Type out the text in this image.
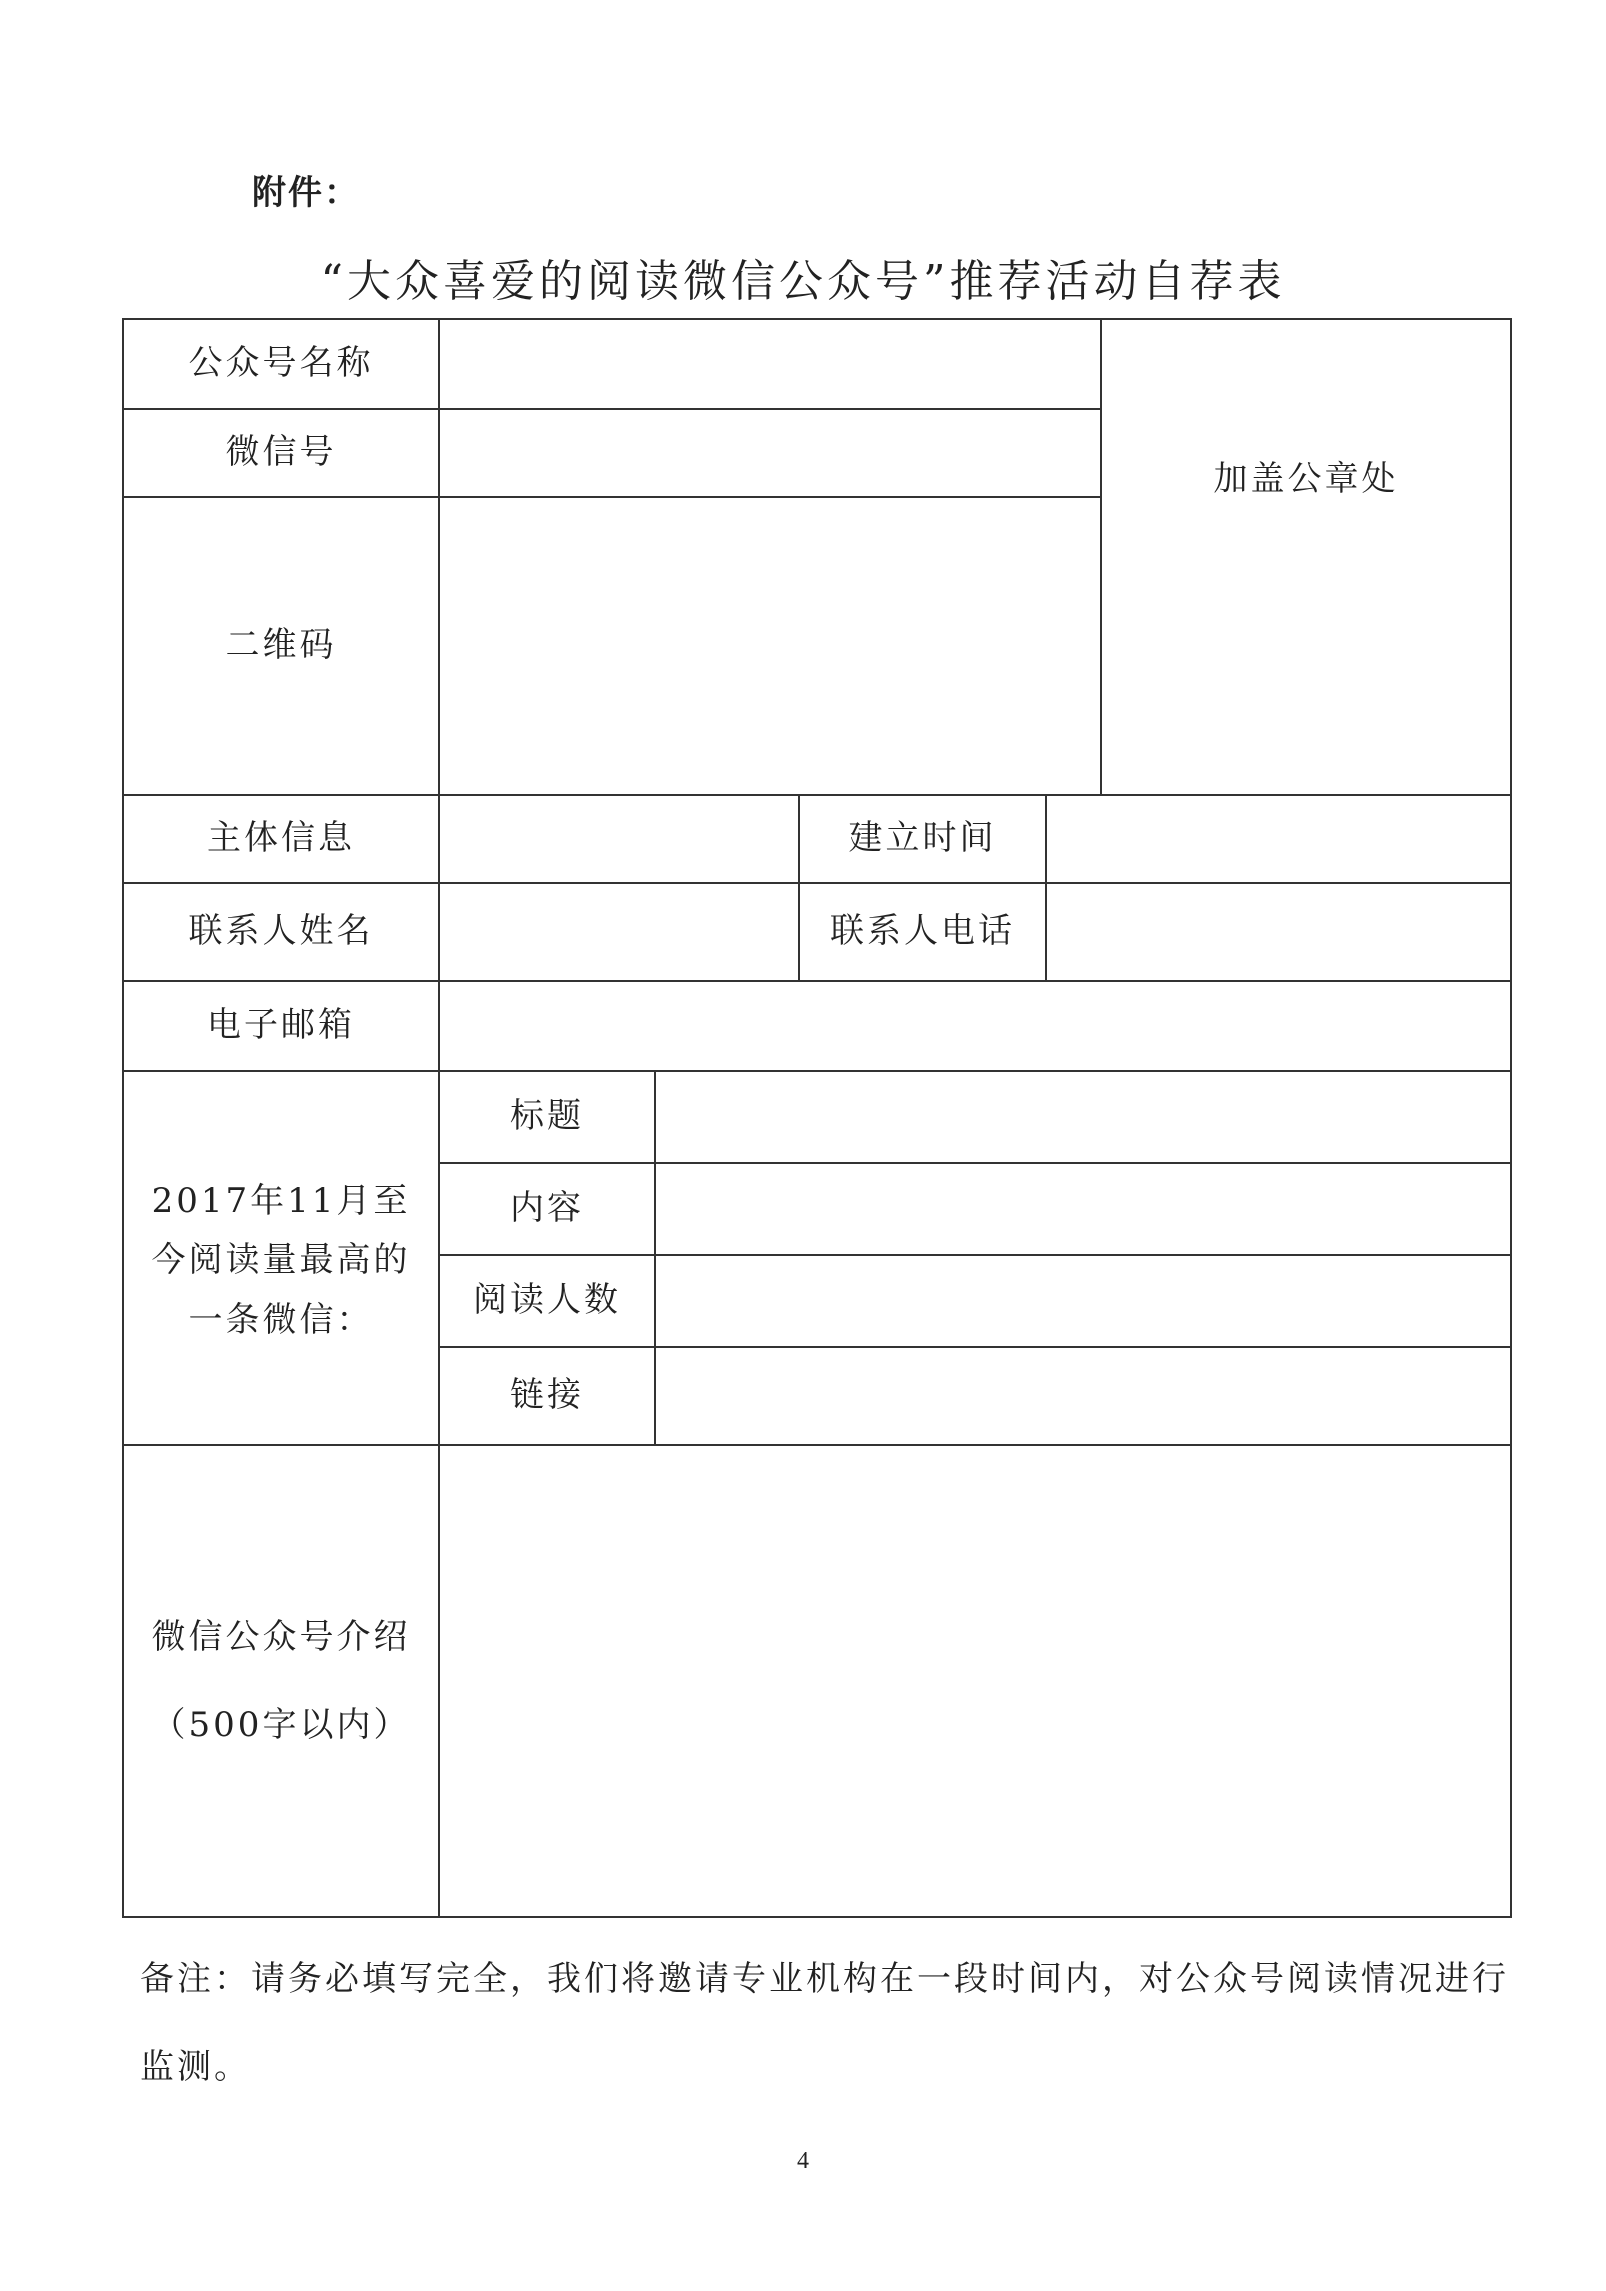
附件：
“大众喜爱的阅读微信公众号”推荐活动自荐表
公众号名称
微信号
二维码
加盖公章处
主体信息	建立时间
联系人姓名	联系人电话
电子邮箱
2017年11月至今阅读量最高的一条微信：
标题
内容
阅读人数
链接
微信公众号介绍
（500字以内）
备注：请务必填写完全，我们将邀请专业机构在一段时间内，对公众号阅读情况进行监测。
4
